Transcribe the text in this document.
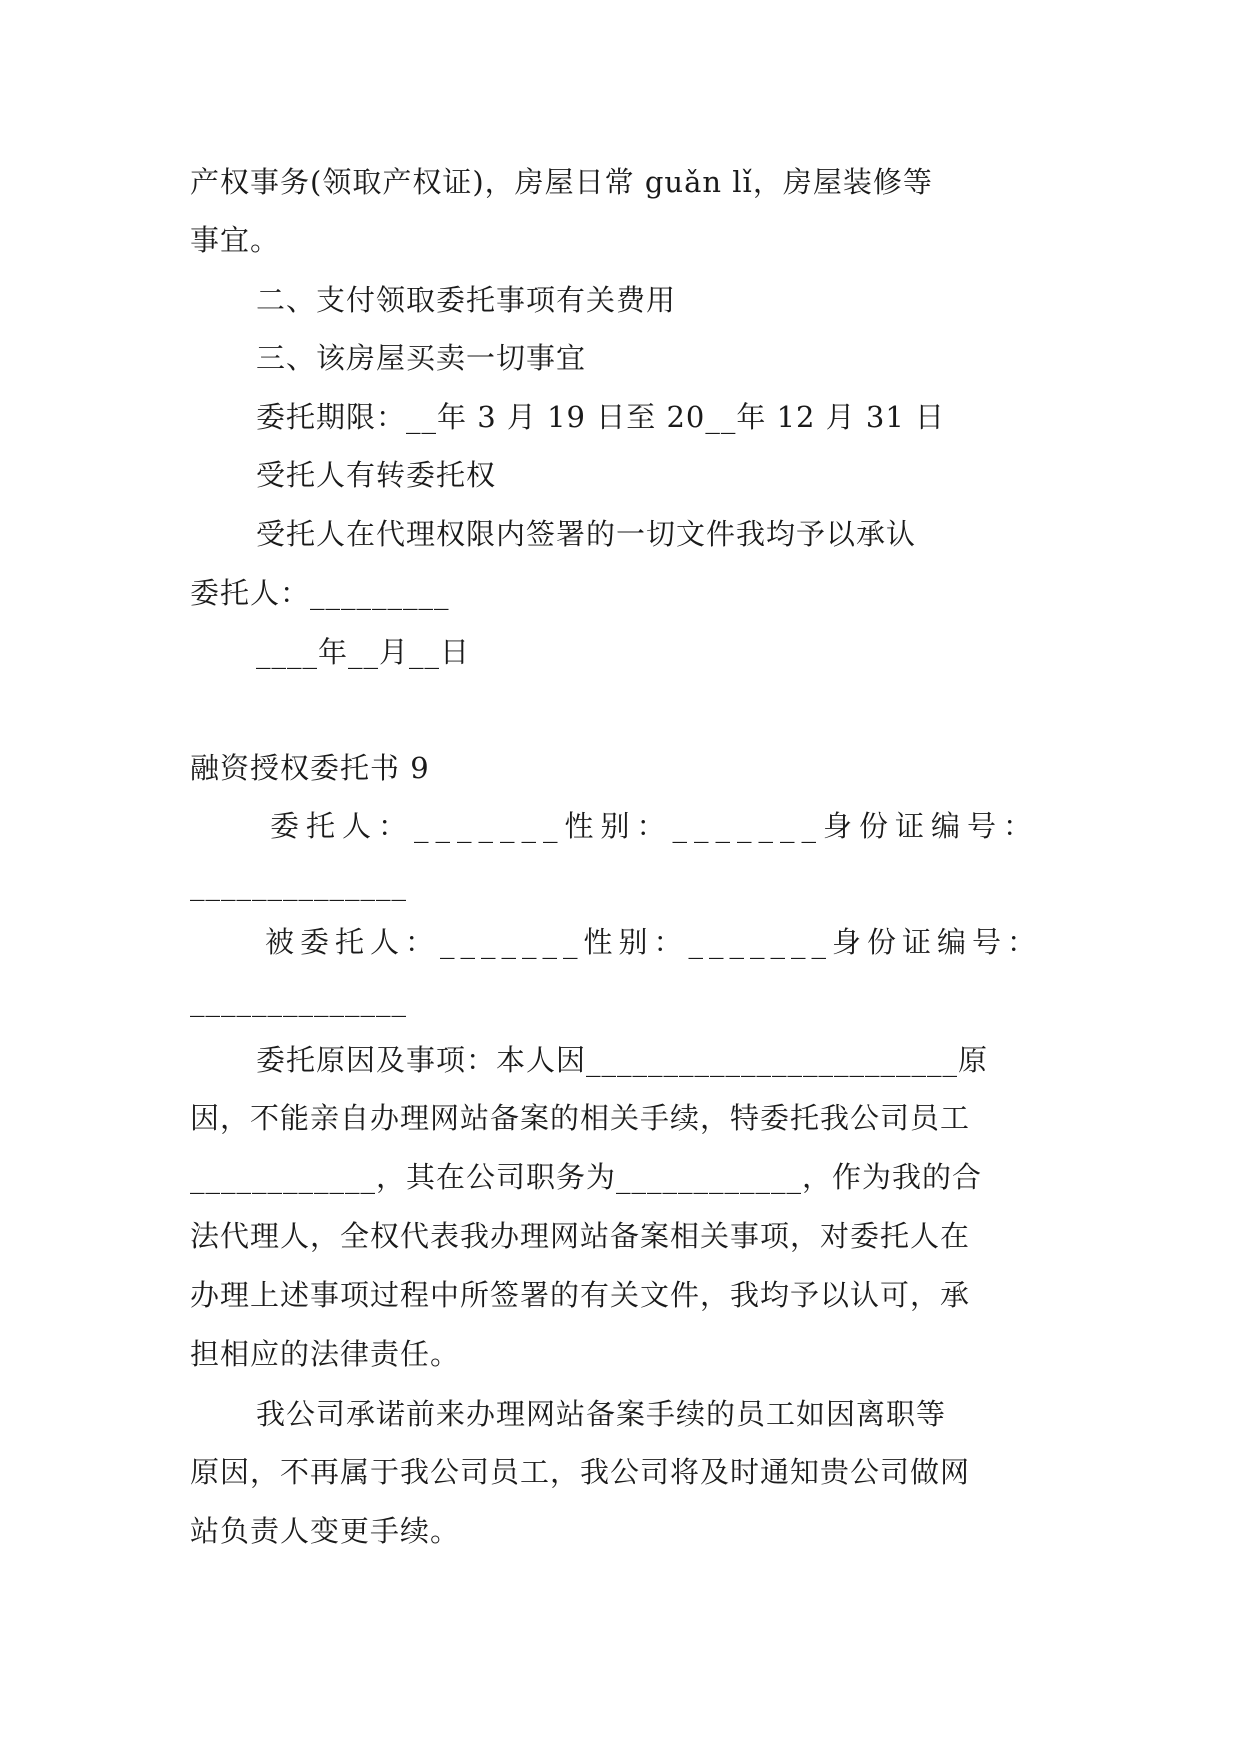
产权事务(领取产权证)，房屋日常 guǎn lǐ，房屋装修等
事宜。
二、支付领取委托事项有关费用
三、该房屋买卖一切事宜
委托期限：__年 3 月 19 日至 20__年 12 月 31 日
受托人有转委托权
受托人在代理权限内签署的一切文件我均予以承认
委托人：_________
____年__月__日
融资授权委托书 9
委托人：_______性别：_______身份证编号：
______________
被委托人：_______性别：_______身份证编号：
______________
委托原因及事项：本人因________________________原
因，不能亲自办理网站备案的相关手续，特委托我公司员工
____________，其在公司职务为____________，作为我的合
法代理人，全权代表我办理网站备案相关事项，对委托人在
办理上述事项过程中所签署的有关文件，我均予以认可，承
担相应的法律责任。
我公司承诺前来办理网站备案手续的员工如因离职等
原因，不再属于我公司员工，我公司将及时通知贵公司做网
站负责人变更手续。
